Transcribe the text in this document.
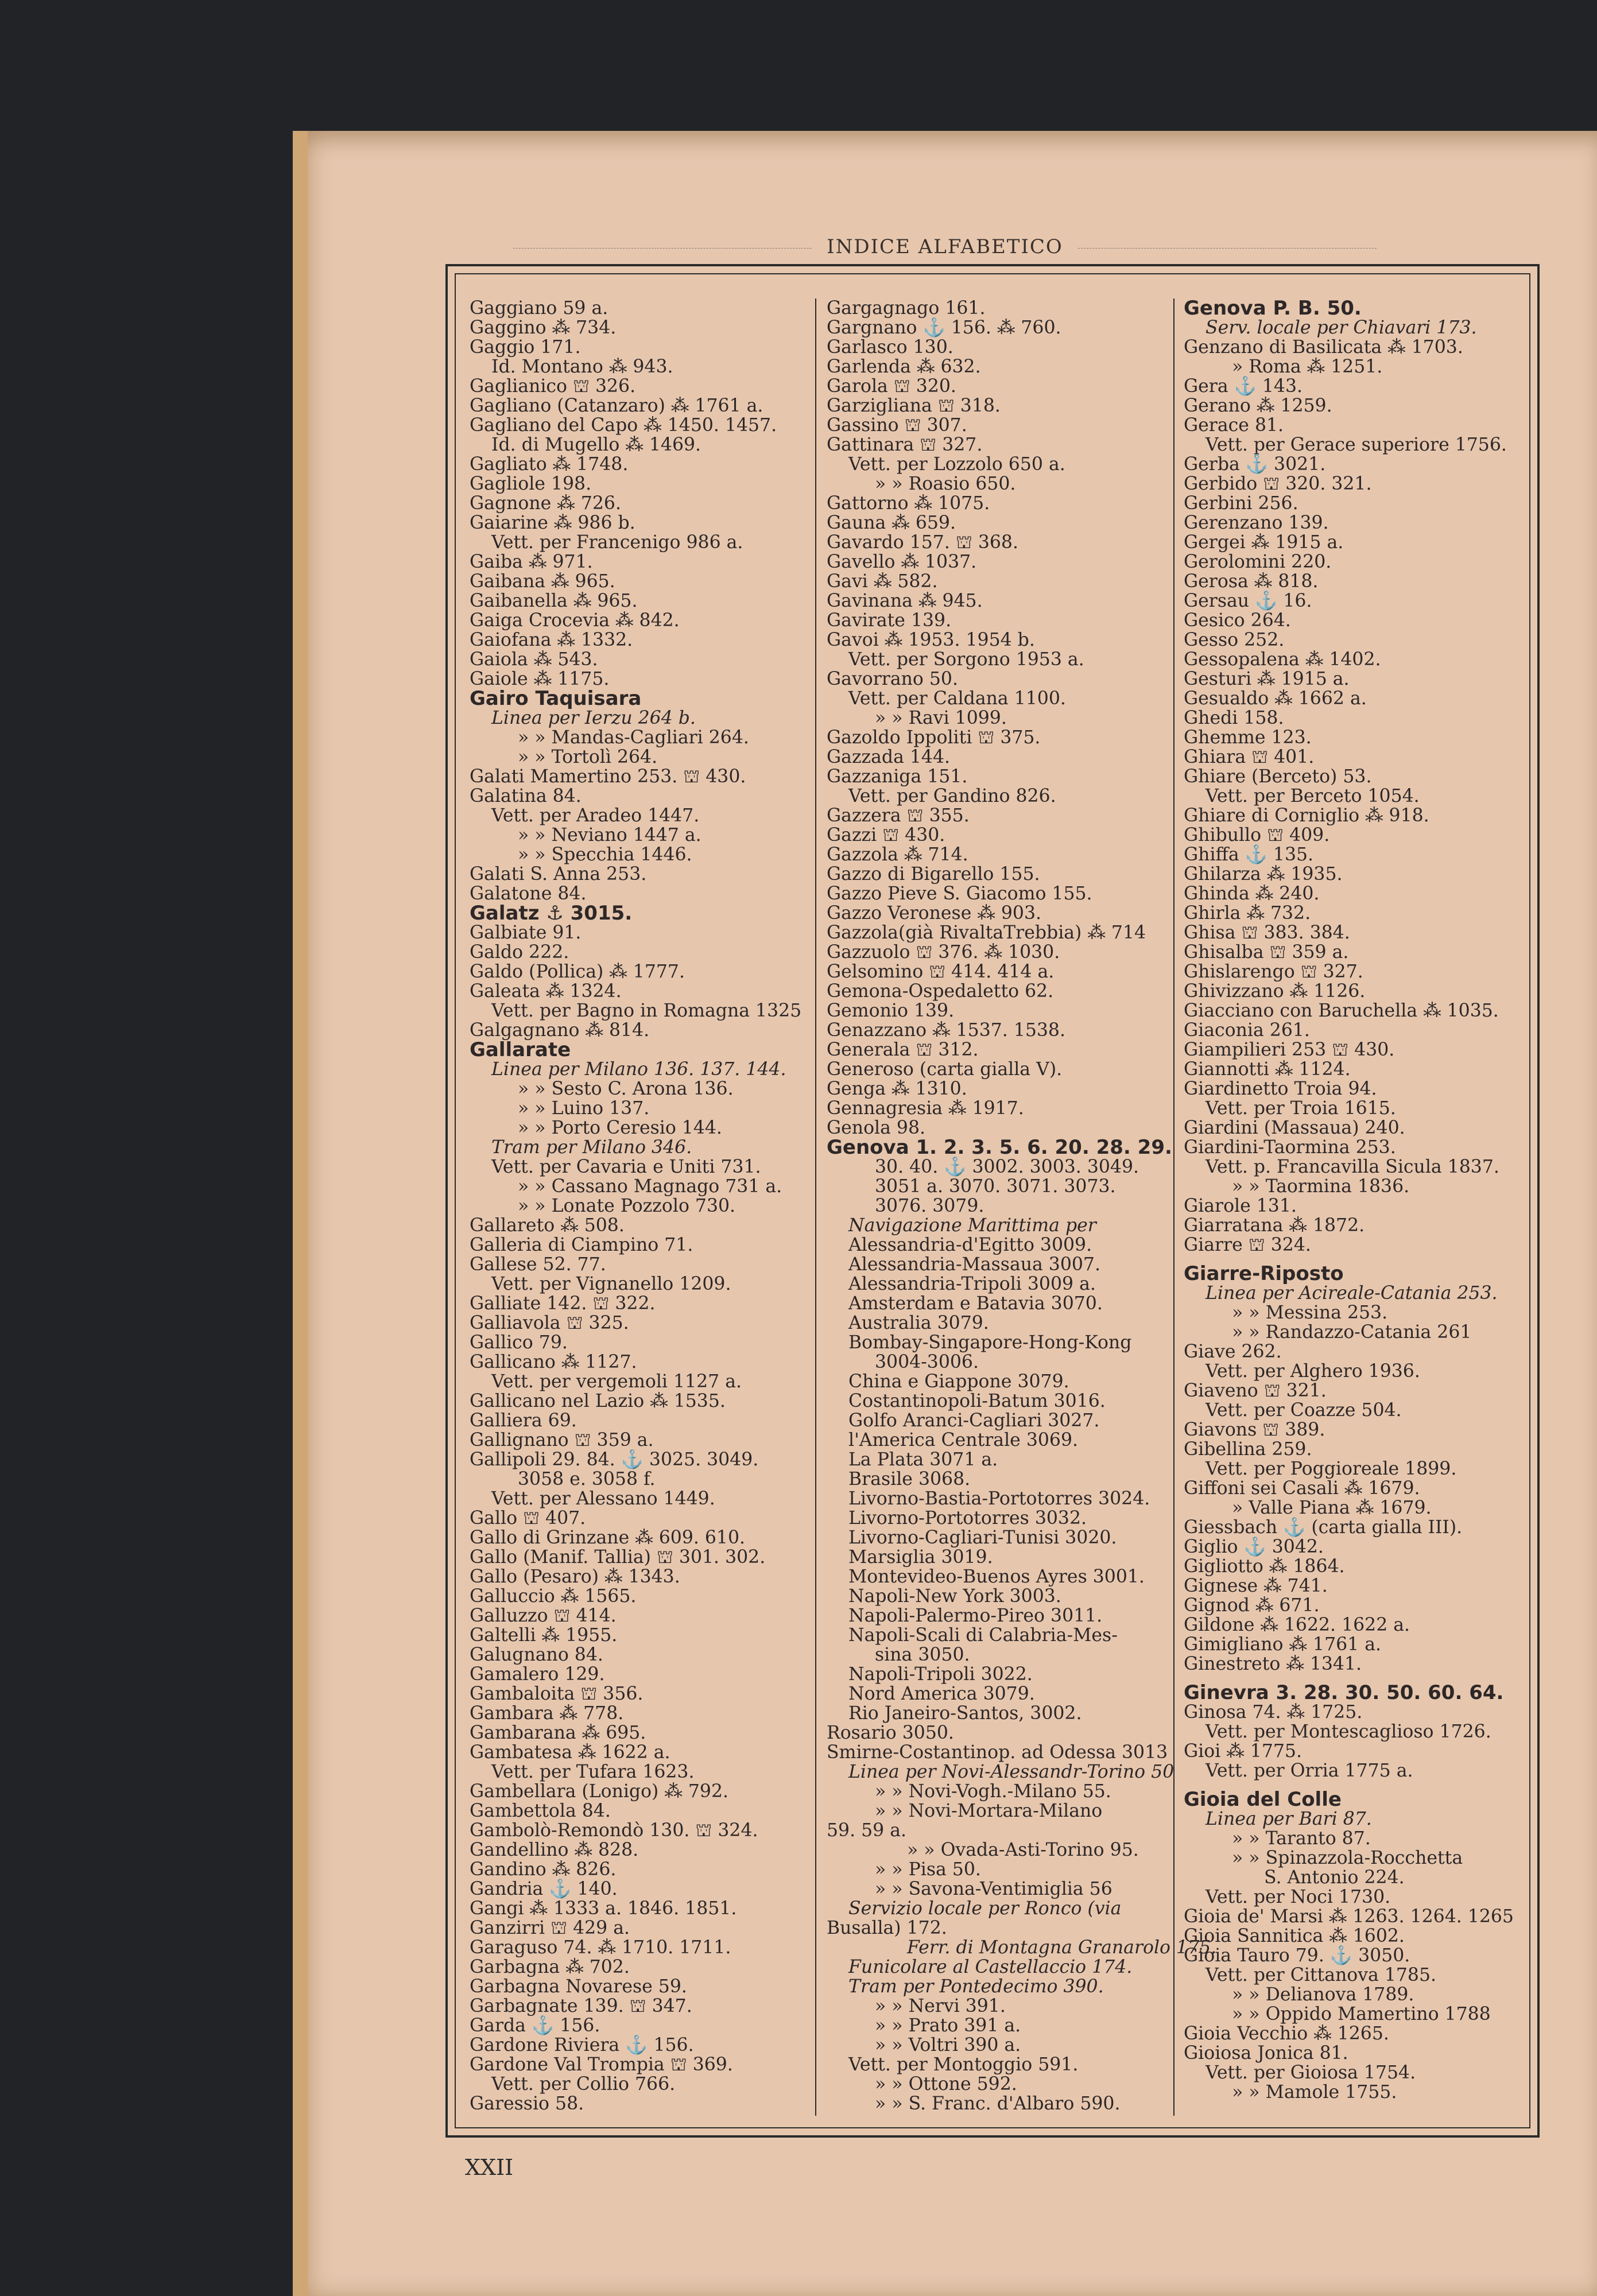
INDICE ALFABETICO
Gaggiano 59 a.
Gaggino ⁂ 734.
Gaggio 171.
Id. Montano ⁂ 943.
Gaglianico ⛫ 326.
Gagliano (Catanzaro) ⁂ 1761 a.
Gagliano del Capo ⁂ 1450. 1457.
Id. di Mugello ⁂ 1469.
Gagliato ⁂ 1748.
Gagliole 198.
Gagnone ⁂ 726.
Gaiarine ⁂ 986 b.
Vett. per Francenigo 986 a.
Gaiba ⁂ 971.
Gaibana ⁂ 965.
Gaibanella ⁂ 965.
Gaiga Crocevia ⁂ 842.
Gaiofana ⁂ 1332.
Gaiola ⁂ 543.
Gaiole ⁂ 1175.
Gairo Taquisara
Linea per Ierzu 264 b.
» » Mandas-Cagliari 264.
» » Tortolì 264.
Galati Mamertino 253. ⛫ 430.
Galatina 84.
Vett. per Aradeo 1447.
» » Neviano 1447 a.
» » Specchia 1446.
Galati S. Anna 253.
Galatone 84.
Galatz ⚓ 3015.
Galbiate 91.
Galdo 222.
Galdo (Pollica) ⁂ 1777.
Galeata ⁂ 1324.
Vett. per Bagno in Romagna 1325
Galgagnano ⁂ 814.
Gallarate
Linea per Milano 136. 137. 144.
» » Sesto C. Arona 136.
» » Luino 137.
» » Porto Ceresio 144.
Tram per Milano 346.
Vett. per Cavaria e Uniti 731.
» » Cassano Magnago 731 a.
» » Lonate Pozzolo 730.
Gallareto ⁂ 508.
Galleria di Ciampino 71.
Gallese 52. 77.
Vett. per Vignanello 1209.
Galliate 142. ⛫ 322.
Galliavola ⛫ 325.
Gallico 79.
Gallicano ⁂ 1127.
Vett. per vergemoli 1127 a.
Gallicano nel Lazio ⁂ 1535.
Galliera 69.
Gallignano ⛫ 359 a.
Gallipoli 29. 84. ⚓ 3025. 3049.
3058 e. 3058 f.
Vett. per Alessano 1449.
Gallo ⛫ 407.
Gallo di Grinzane ⁂ 609. 610.
Gallo (Manif. Tallia) ⛫ 301. 302.
Gallo (Pesaro) ⁂ 1343.
Galluccio ⁂ 1565.
Galluzzo ⛫ 414.
Galtelli ⁂ 1955.
Galugnano 84.
Gamalero 129.
Gambaloita ⛫ 356.
Gambara ⁂ 778.
Gambarana ⁂ 695.
Gambatesa ⁂ 1622 a.
Vett. per Tufara 1623.
Gambellara (Lonigo) ⁂ 792.
Gambettola 84.
Gambolò-Remondò 130. ⛫ 324.
Gandellino ⁂ 828.
Gandino ⁂ 826.
Gandria ⚓ 140.
Gangi ⁂ 1333 a. 1846. 1851.
Ganzirri ⛫ 429 a.
Garaguso 74. ⁂ 1710. 1711.
Garbagna ⁂ 702.
Garbagna Novarese 59.
Garbagnate 139. ⛫ 347.
Garda ⚓ 156.
Gardone Riviera ⚓ 156.
Gardone Val Trompia ⛫ 369.
Vett. per Collio 766.
Garessio 58.
Gargagnago 161.
Gargnano ⚓ 156. ⁂ 760.
Garlasco 130.
Garlenda ⁂ 632.
Garola ⛫ 320.
Garzigliana ⛫ 318.
Gassino ⛫ 307.
Gattinara ⛫ 327.
Vett. per Lozzolo 650 a.
» » Roasio 650.
Gattorno ⁂ 1075.
Gauna ⁂ 659.
Gavardo 157. ⛫ 368.
Gavello ⁂ 1037.
Gavi ⁂ 582.
Gavinana ⁂ 945.
Gavirate 139.
Gavoi ⁂ 1953. 1954 b.
Vett. per Sorgono 1953 a.
Gavorrano 50.
Vett. per Caldana 1100.
» » Ravi 1099.
Gazoldo Ippoliti ⛫ 375.
Gazzada 144.
Gazzaniga 151.
Vett. per Gandino 826.
Gazzera ⛫ 355.
Gazzi ⛫ 430.
Gazzola ⁂ 714.
Gazzo di Bigarello 155.
Gazzo Pieve S. Giacomo 155.
Gazzo Veronese ⁂ 903.
Gazzola(già RivaltaTrebbia) ⁂ 714
Gazzuolo ⛫ 376. ⁂ 1030.
Gelsomino ⛫ 414. 414 a.
Gemona-Ospedaletto 62.
Gemonio 139.
Genazzano ⁂ 1537. 1538.
Generala ⛫ 312.
Generoso (carta gialla V).
Genga ⁂ 1310.
Gennagresia ⁂ 1917.
Genola 98.
Genova 1. 2. 3. 5. 6. 20. 28. 29.
30. 40. ⚓ 3002. 3003. 3049.
3051 a. 3070. 3071. 3073.
3076. 3079.
Navigazione Marittima per
Alessandria-d'Egitto 3009.
Alessandria-Massaua 3007.
Alessandria-Tripoli 3009 a.
Amsterdam e Batavia 3070.
Australia 3079.
Bombay-Singapore-Hong-Kong
3004-3006.
China e Giappone 3079.
Costantinopoli-Batum 3016.
Golfo Aranci-Cagliari 3027.
l'America Centrale 3069.
La Plata 3071 a.
Brasile 3068.
Livorno-Bastia-Portotorres 3024.
Livorno-Portotorres 3032.
Livorno-Cagliari-Tunisi 3020.
Marsiglia 3019.
Montevideo-Buenos Ayres 3001.
Napoli-New York 3003.
Napoli-Palermo-Pireo 3011.
Napoli-Scali di Calabria-Mes-
sina 3050.
Napoli-Tripoli 3022.
Nord America 3079.
Rio Janeiro-Santos, 3002.
Rosario 3050.
Smirne-Costantinop. ad Odessa 3013
Linea per Novi-Alessandr-Torino 50
» » Novi-Vogh.-Milano 55.
» » Novi-Mortara-Milano
59. 59 a.
» » Ovada-Asti-Torino 95.
» » Pisa 50.
» » Savona-Ventimiglia 56
Servizio locale per Ronco (via
Busalla) 172.
Ferr. di Montagna Granarolo 175.
Funicolare al Castellaccio 174.
Tram per Pontedecimo 390.
» » Nervi 391.
» » Prato 391 a.
» » Voltri 390 a.
Vett. per Montoggio 591.
» » Ottone 592.
» » S. Franc. d'Albaro 590.
Genova P. B. 50.
Serv. locale per Chiavari 173.
Genzano di Basilicata ⁂ 1703.
» Roma ⁂ 1251.
Gera ⚓ 143.
Gerano ⁂ 1259.
Gerace 81.
Vett. per Gerace superiore 1756.
Gerba ⚓ 3021.
Gerbido ⛫ 320. 321.
Gerbini 256.
Gerenzano 139.
Gergei ⁂ 1915 a.
Gerolomini 220.
Gerosa ⁂ 818.
Gersau ⚓ 16.
Gesico 264.
Gesso 252.
Gessopalena ⁂ 1402.
Gesturi ⁂ 1915 a.
Gesualdo ⁂ 1662 a.
Ghedi 158.
Ghemme 123.
Ghiara ⛫ 401.
Ghiare (Berceto) 53.
Vett. per Berceto 1054.
Ghiare di Corniglio ⁂ 918.
Ghibullo ⛫ 409.
Ghiffa ⚓ 135.
Ghilarza ⁂ 1935.
Ghinda ⁂ 240.
Ghirla ⁂ 732.
Ghisa ⛫ 383. 384.
Ghisalba ⛫ 359 a.
Ghislarengo ⛫ 327.
Ghivizzano ⁂ 1126.
Giacciano con Baruchella ⁂ 1035.
Giaconia 261.
Giampilieri 253 ⛫ 430.
Giannotti ⁂ 1124.
Giardinetto Troia 94.
Vett. per Troia 1615.
Giardini (Massaua) 240.
Giardini-Taormina 253.
Vett. p. Francavilla Sicula 1837.
» » Taormina 1836.
Giarole 131.
Giarratana ⁂ 1872.
Giarre ⛫ 324.

Giarre-Riposto
Linea per Acireale-Catania 253.
» » Messina 253.
» » Randazzo-Catania 261
Giave 262.
Vett. per Alghero 1936.
Giaveno ⛫ 321.
Vett. per Coazze 504.
Giavons ⛫ 389.
Gibellina 259.
Vett. per Poggioreale 1899.
Giffoni sei Casali ⁂ 1679.
» Valle Piana ⁂ 1679.
Giessbach ⚓ (carta gialla III).
Giglio ⚓ 3042.
Gigliotto ⁂ 1864.
Gignese ⁂ 741.
Gignod ⁂ 671.
Gildone ⁂ 1622. 1622 a.
Gimigliano ⁂ 1761 a.
Ginestreto ⁂ 1341.

Ginevra 3. 28. 30. 50. 60. 64.
Ginosa 74. ⁂ 1725.
Vett. per Montescaglioso 1726.
Gioi ⁂ 1775.
Vett. per Orria 1775 a.

Gioia del Colle
Linea per Bari 87.
» » Taranto 87.
» » Spinazzola-Rocchetta
S. Antonio 224.
Vett. per Noci 1730.
Gioia de' Marsi ⁂ 1263. 1264. 1265
Gioia Sannitica ⁂ 1602.
Gioia Tauro 79. ⚓ 3050.
Vett. per Cittanova 1785.
» » Delianova 1789.
» » Oppido Mamertino 1788
Gioia Vecchio ⁂ 1265.
Gioiosa Jonica 81.
Vett. per Gioiosa 1754.
» » Mamole 1755.
XXII
